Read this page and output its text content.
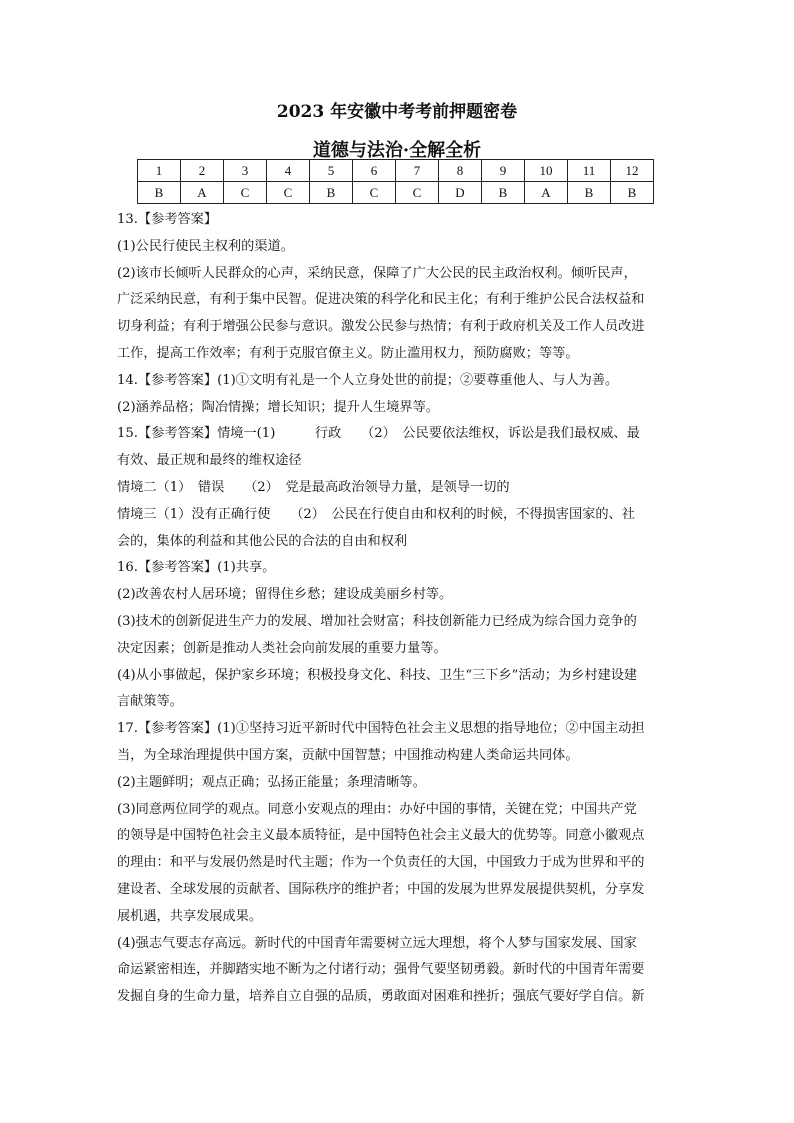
2023 年安徽中考考前押题密卷
道德与法治·全解全析
1	2	3	4	5	6	7	8	9	10	11	12
B	A	C	C	B	C	C	D	B	A	B	B

13.【参考答案】

(1)公民行使民主权利的渠道。

(2)该市长倾听人民群众的心声，采纳民意，保障了广大公民的民主政治权利。倾听民声，

广泛采纳民意，有利于集中民智。促进决策的科学化和民主化；有利于维护公民合法权益和

切身利益；有利于增强公民参与意识。激发公民参与热情；有利于政府机关及工作人员改进

工作，提高工作效率；有利于克服官僚主义。防止滥用权力，预防腐败；等等。

14.【参考答案】(1)①文明有礼是一个人立身处世的前提；②要尊重他人、与人为善。

(2)涵养品格；陶冶情操；增长知识；提升人生境界等。

15.【参考答案】情境一(1)　　　行政　　（2）　公民要依法维权，诉讼是我们最权威、最

有效、最正规和最终的维权途径

情境二（1）　错误　　（2）　党是最高政治领导力量，是领导一切的

情境三（1）没有正确行使　　（2）　公民在行使自由和权利的时候，不得损害国家的、社

会的，集体的利益和其他公民的合法的自由和权利

16.【参考答案】(1)共享。

(2)改善农村人居环境；留得住乡愁；建设成美丽乡村等。

(3)技术的创新促进生产力的发展、增加社会财富；科技创新能力已经成为综合国力竞争的

决定因素；创新是推动人类社会向前发展的重要力量等。

(4)从小事做起，保护家乡环境；积极投身文化、科技、卫生“三下乡”活动；为乡村建设建

言献策等。

17.【参考答案】(1)①坚持习近平新时代中国特色社会主义思想的指导地位；②中国主动担

当，为全球治理提供中国方案，贡献中国智慧；中国推动构建人类命运共同体。

(2)主题鲜明；观点正确；弘扬正能量；条理清晰等。

(3)同意两位同学的观点。同意小安观点的理由：办好中国的事情，关键在党；中国共产党

的领导是中国特色社会主义最本质特征，是中国特色社会主义最大的优势等。同意小徽观点

的理由：和平与发展仍然是时代主题；作为一个负责任的大国，中国致力于成为世界和平的

建设者、全球发展的贡献者、国际秩序的维护者；中国的发展为世界发展提供契机，分享发

展机遇，共享发展成果。

(4)强志气要志存高远。新时代的中国青年需要树立远大理想，将个人梦与国家发展、国家

命运紧密相连，并脚踏实地不断为之付诸行动；强骨气要坚韧勇毅。新时代的中国青年需要

发掘自身的生命力量，培养自立自强的品质，勇敢面对困难和挫折；强底气要好学自信。新
